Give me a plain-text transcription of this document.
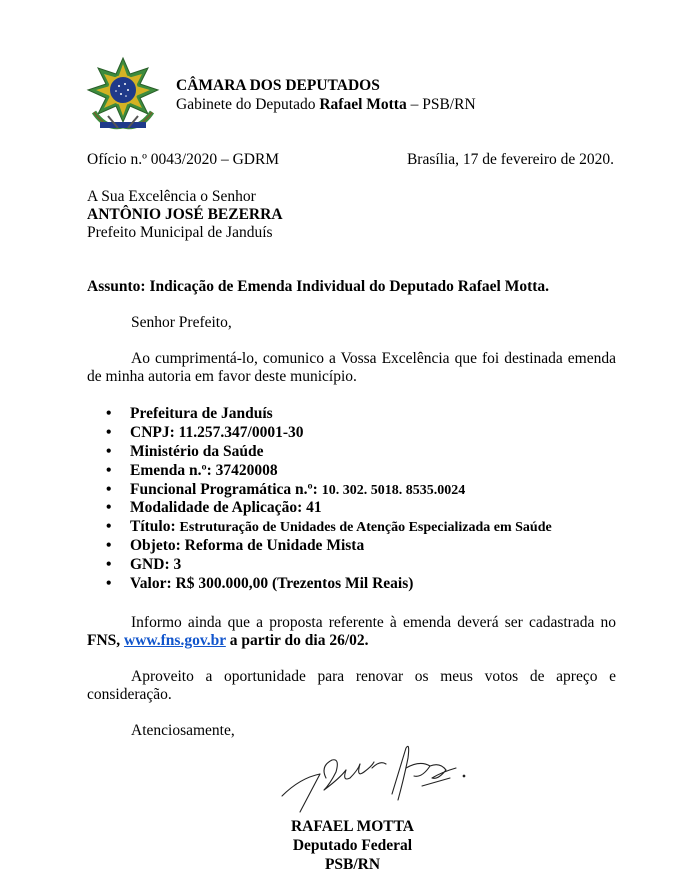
CÂMARA DOS DEPUTADOS
Gabinete do Deputado Rafael Motta – PSB/RN
Ofício n.º 0043/2020 – GDRM	Brasília, 17 de fevereiro de 2020.
A Sua Excelência o Senhor
ANTÔNIO JOSÉ BEZERRA
Prefeito Municipal de Janduís
Assunto: Indicação de Emenda Individual do Deputado Rafael Motta.
Senhor Prefeito,
Ao cumprimentá-lo, comunico a Vossa Excelência que foi destinada emenda
de minha autoria em favor deste município.
• Prefeitura de Janduís
• CNPJ: 11.257.347/0001-30
• Ministério da Saúde
• Emenda n.º: 37420008
• Funcional Programática n.º: 10. 302. 5018. 8535.0024
• Modalidade de Aplicação: 41
• Título: Estruturação de Unidades de Atenção Especializada em Saúde
• Objeto: Reforma de Unidade Mista
• GND: 3
• Valor: R$ 300.000,00 (Trezentos Mil Reais)
Informo ainda que a proposta referente à emenda deverá ser cadastrada no
FNS, www.fns.gov.br a partir do dia 26/02.
Aproveito a oportunidade para renovar os meus votos de apreço e
consideração.
Atenciosamente,
RAFAEL MOTTA
Deputado Federal
PSB/RN
